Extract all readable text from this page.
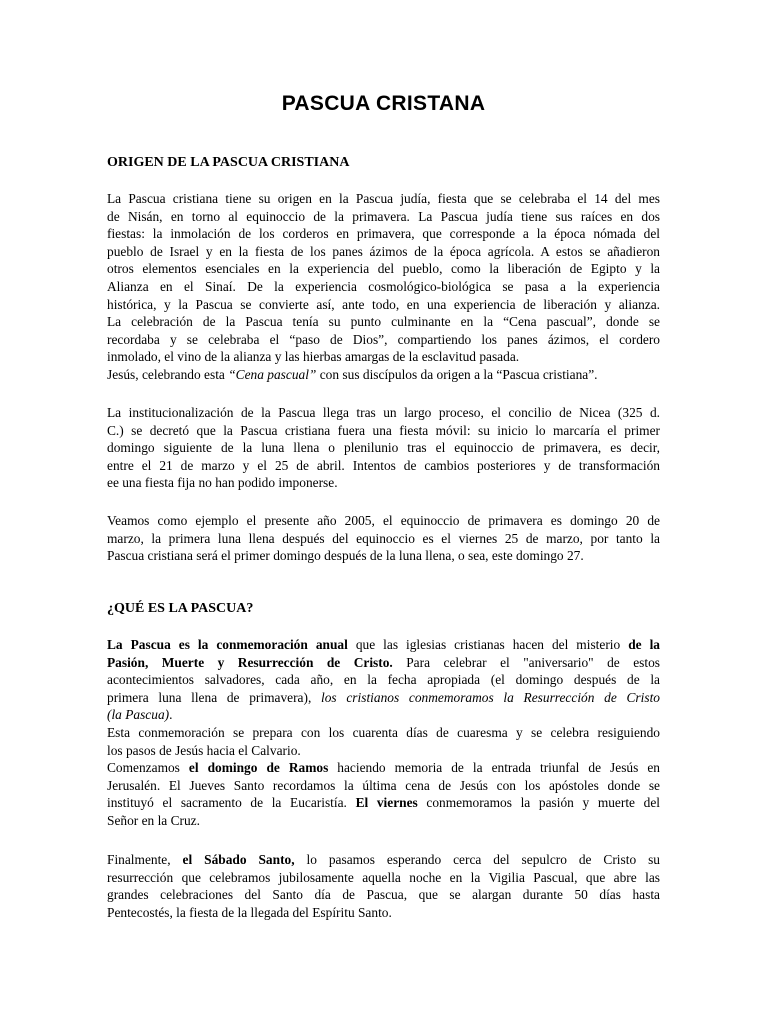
PASCUA CRISTANA
ORIGEN DE LA PASCUA CRISTIANA
La Pascua cristiana tiene su origen en la Pascua judía, fiesta que se celebraba el 14 del mes
de Nisán, en torno al equinoccio de la primavera. La Pascua judía tiene sus raíces en dos
fiestas: la inmolación de los corderos en primavera, que corresponde a la época nómada del
pueblo de Israel y en la fiesta de los panes ázimos de la época agrícola. A estos se añadieron
otros elementos esenciales en la experiencia del pueblo, como la liberación de Egipto y la
Alianza en el Sinaí. De la experiencia cosmológico-biológica se pasa a la experiencia
histórica, y la Pascua se convierte así, ante todo, en una experiencia de liberación y alianza.
La celebración de la Pascua tenía su punto culminante en la “Cena pascual”, donde se
recordaba y se celebraba el “paso de Dios”, compartiendo los panes ázimos, el cordero
inmolado, el vino de la alianza y las hierbas amargas de la esclavitud pasada.
Jesús, celebrando esta “Cena pascual” con sus discípulos da origen a la “Pascua cristiana”.
La institucionalización de la Pascua llega tras un largo proceso, el concilio de Nicea (325 d.
C.) se decretó que la Pascua cristiana fuera una fiesta móvil: su inicio lo marcaría el primer
domingo siguiente de la luna llena o plenilunio tras el equinoccio de primavera, es decir,
entre el 21 de marzo y el 25 de abril. Intentos de cambios posteriores y de transformación
ee una fiesta fija no han podido imponerse.
Veamos como ejemplo el presente año 2005, el equinoccio de primavera es domingo 20 de
marzo, la primera luna llena después del equinoccio es el viernes 25 de marzo, por tanto la
Pascua cristiana será el primer domingo después de la luna llena, o sea, este domingo 27.
¿QUÉ ES LA PASCUA?
La Pascua es la conmemoración anual que las iglesias cristianas hacen del misterio de la
Pasión, Muerte y Resurrección de Cristo. Para celebrar el "aniversario" de estos
acontecimientos salvadores, cada año, en la fecha apropiada (el domingo después de la
primera luna llena de primavera), los cristianos conmemoramos la Resurrección de Cristo
(la Pascua).
Esta conmemoración se prepara con los cuarenta días de cuaresma y se celebra resiguiendo
los pasos de Jesús hacia el Calvario.
Comenzamos el domingo de Ramos haciendo memoria de la entrada triunfal de Jesús en
Jerusalén. El Jueves Santo recordamos la última cena de Jesús con los apóstoles donde se
instituyó el sacramento de la Eucaristía. El viernes conmemoramos la pasión y muerte del
Señor en la Cruz.
Finalmente, el Sábado Santo, lo pasamos esperando cerca del sepulcro de Cristo su
resurrección que celebramos jubilosamente aquella noche en la Vigilia Pascual, que abre las
grandes celebraciones del Santo día de Pascua, que se alargan durante 50 días hasta
Pentecostés, la fiesta de la llegada del Espíritu Santo.
